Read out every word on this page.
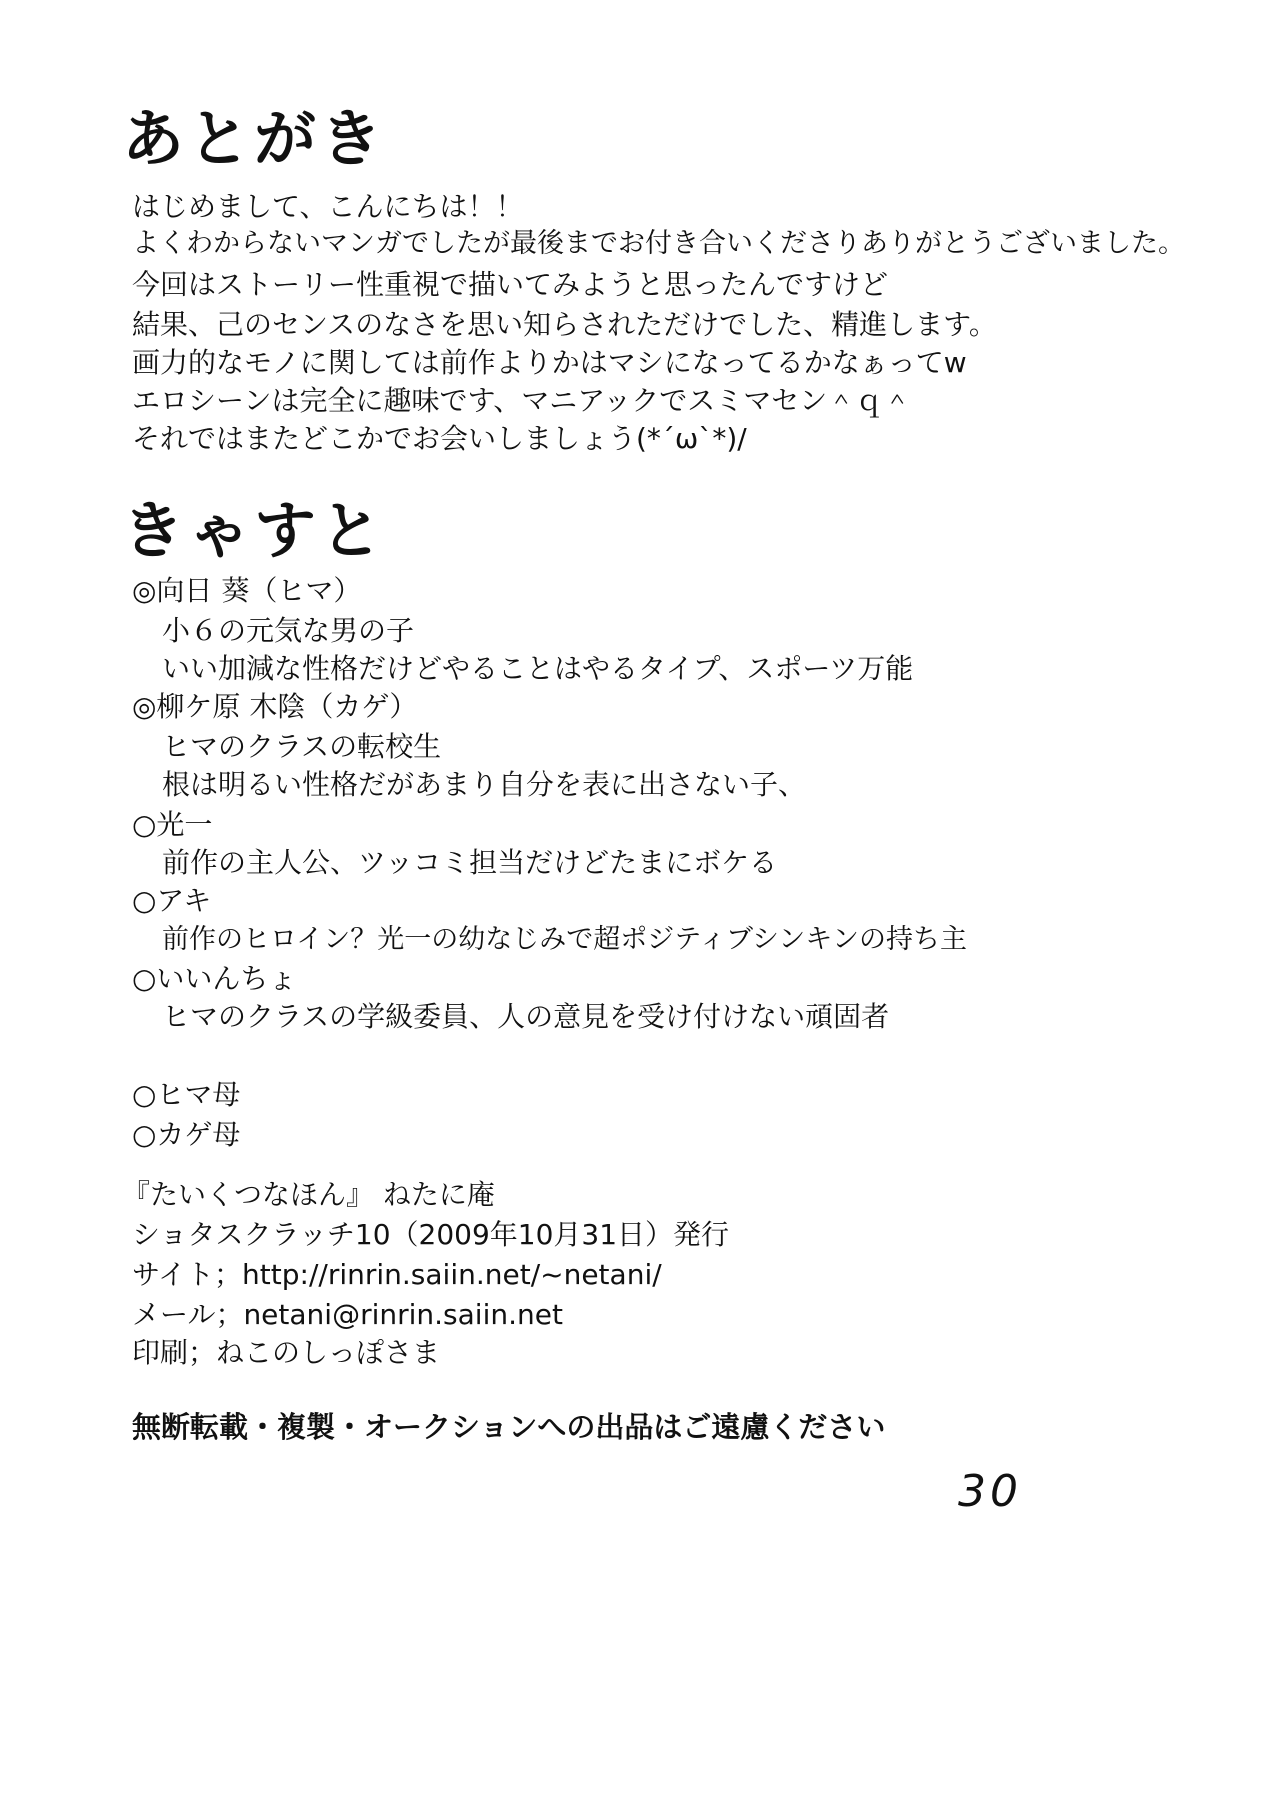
あとがき
はじめまして、こんにちは！！
よくわからないマンガでしたが最後までお付き合いくださりありがとうございました。
今回はストーリー性重視で描いてみようと思ったんですけど
結果、己のセンスのなさを思い知らされただけでした、精進します。
画力的なモノに関しては前作よりかはマシになってるかなぁってw
エロシーンは完全に趣味です、マニアックでスミマセン＾ｑ＾
それではまたどこかでお会いしましょう(*´ω`*)/
きゃすと
◎向日 葵（ヒマ）
小６の元気な男の子
いい加減な性格だけどやることはやるタイプ、スポーツ万能
◎柳ケ原 木陰（カゲ）
ヒマのクラスの転校生
根は明るい性格だがあまり自分を表に出さない子、
○光一
前作の主人公、ツッコミ担当だけどたまにボケる
○アキ
前作のヒロイン？光一の幼なじみで超ポジティブシンキンの持ち主
○いいんちょ
ヒマのクラスの学級委員、人の意見を受け付けない頑固者
○ヒマ母
○カゲ母
『たいくつなほん』 ねたに庵
ショタスクラッチ10（2009年10月31日）発行
サイト；http://rinrin.saiin.net/~netani/
メール；netani@rinrin.saiin.net
印刷；ねこのしっぽさま
無断転載・複製・オークションへの出品はご遠慮ください
30
